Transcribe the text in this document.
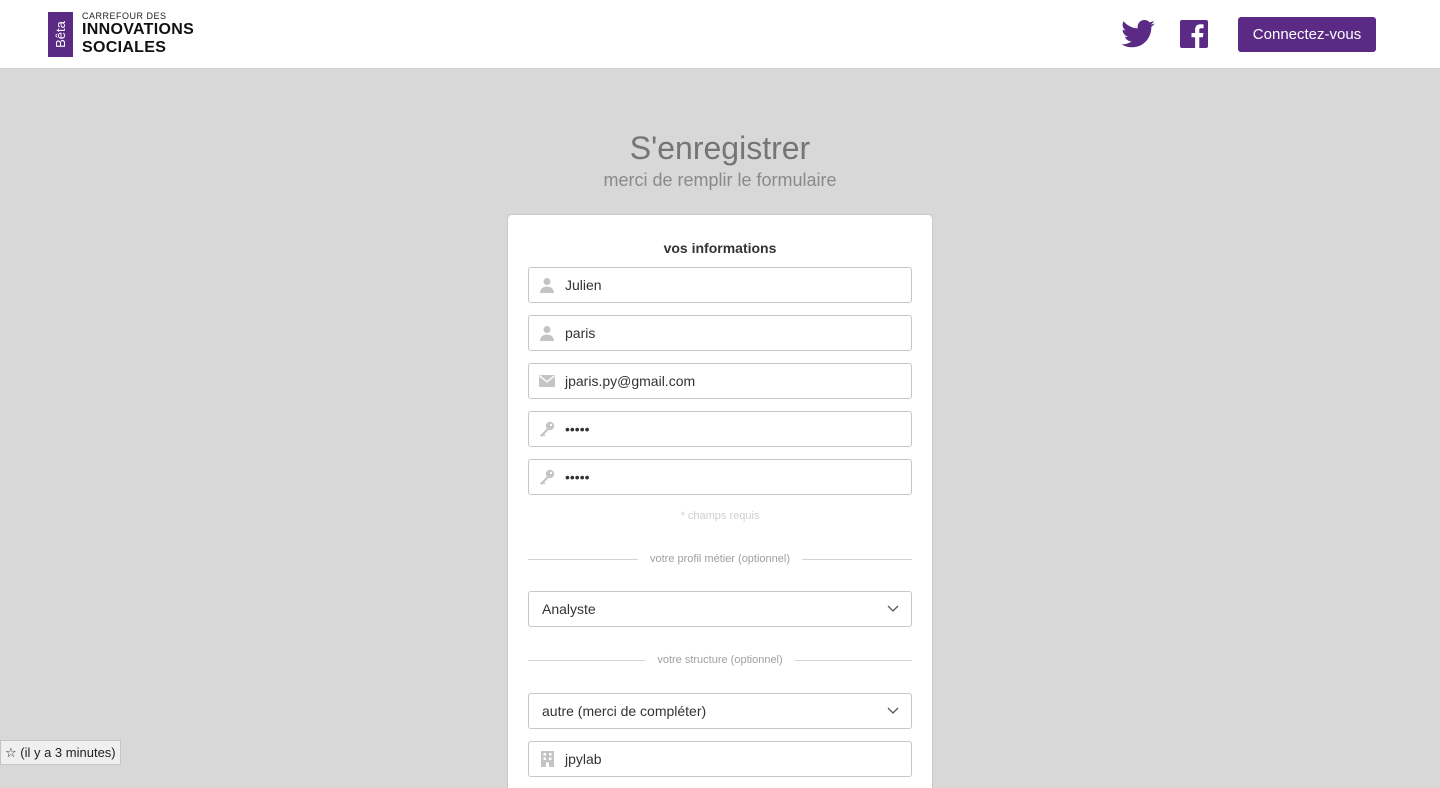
Bêta
CARREFOUR DES
INNOVATIONS
SOCIALES
Connectez-vous
S'enregistrer
merci de remplir le formulaire
vos informations
Julien
paris
jparis.py@gmail.com
•••••
•••••
* champs requis
votre profil métier (optionnel)
Analyste
votre structure (optionnel)
autre (merci de compléter)
jpylab
☆ (il y a 3 minutes)
